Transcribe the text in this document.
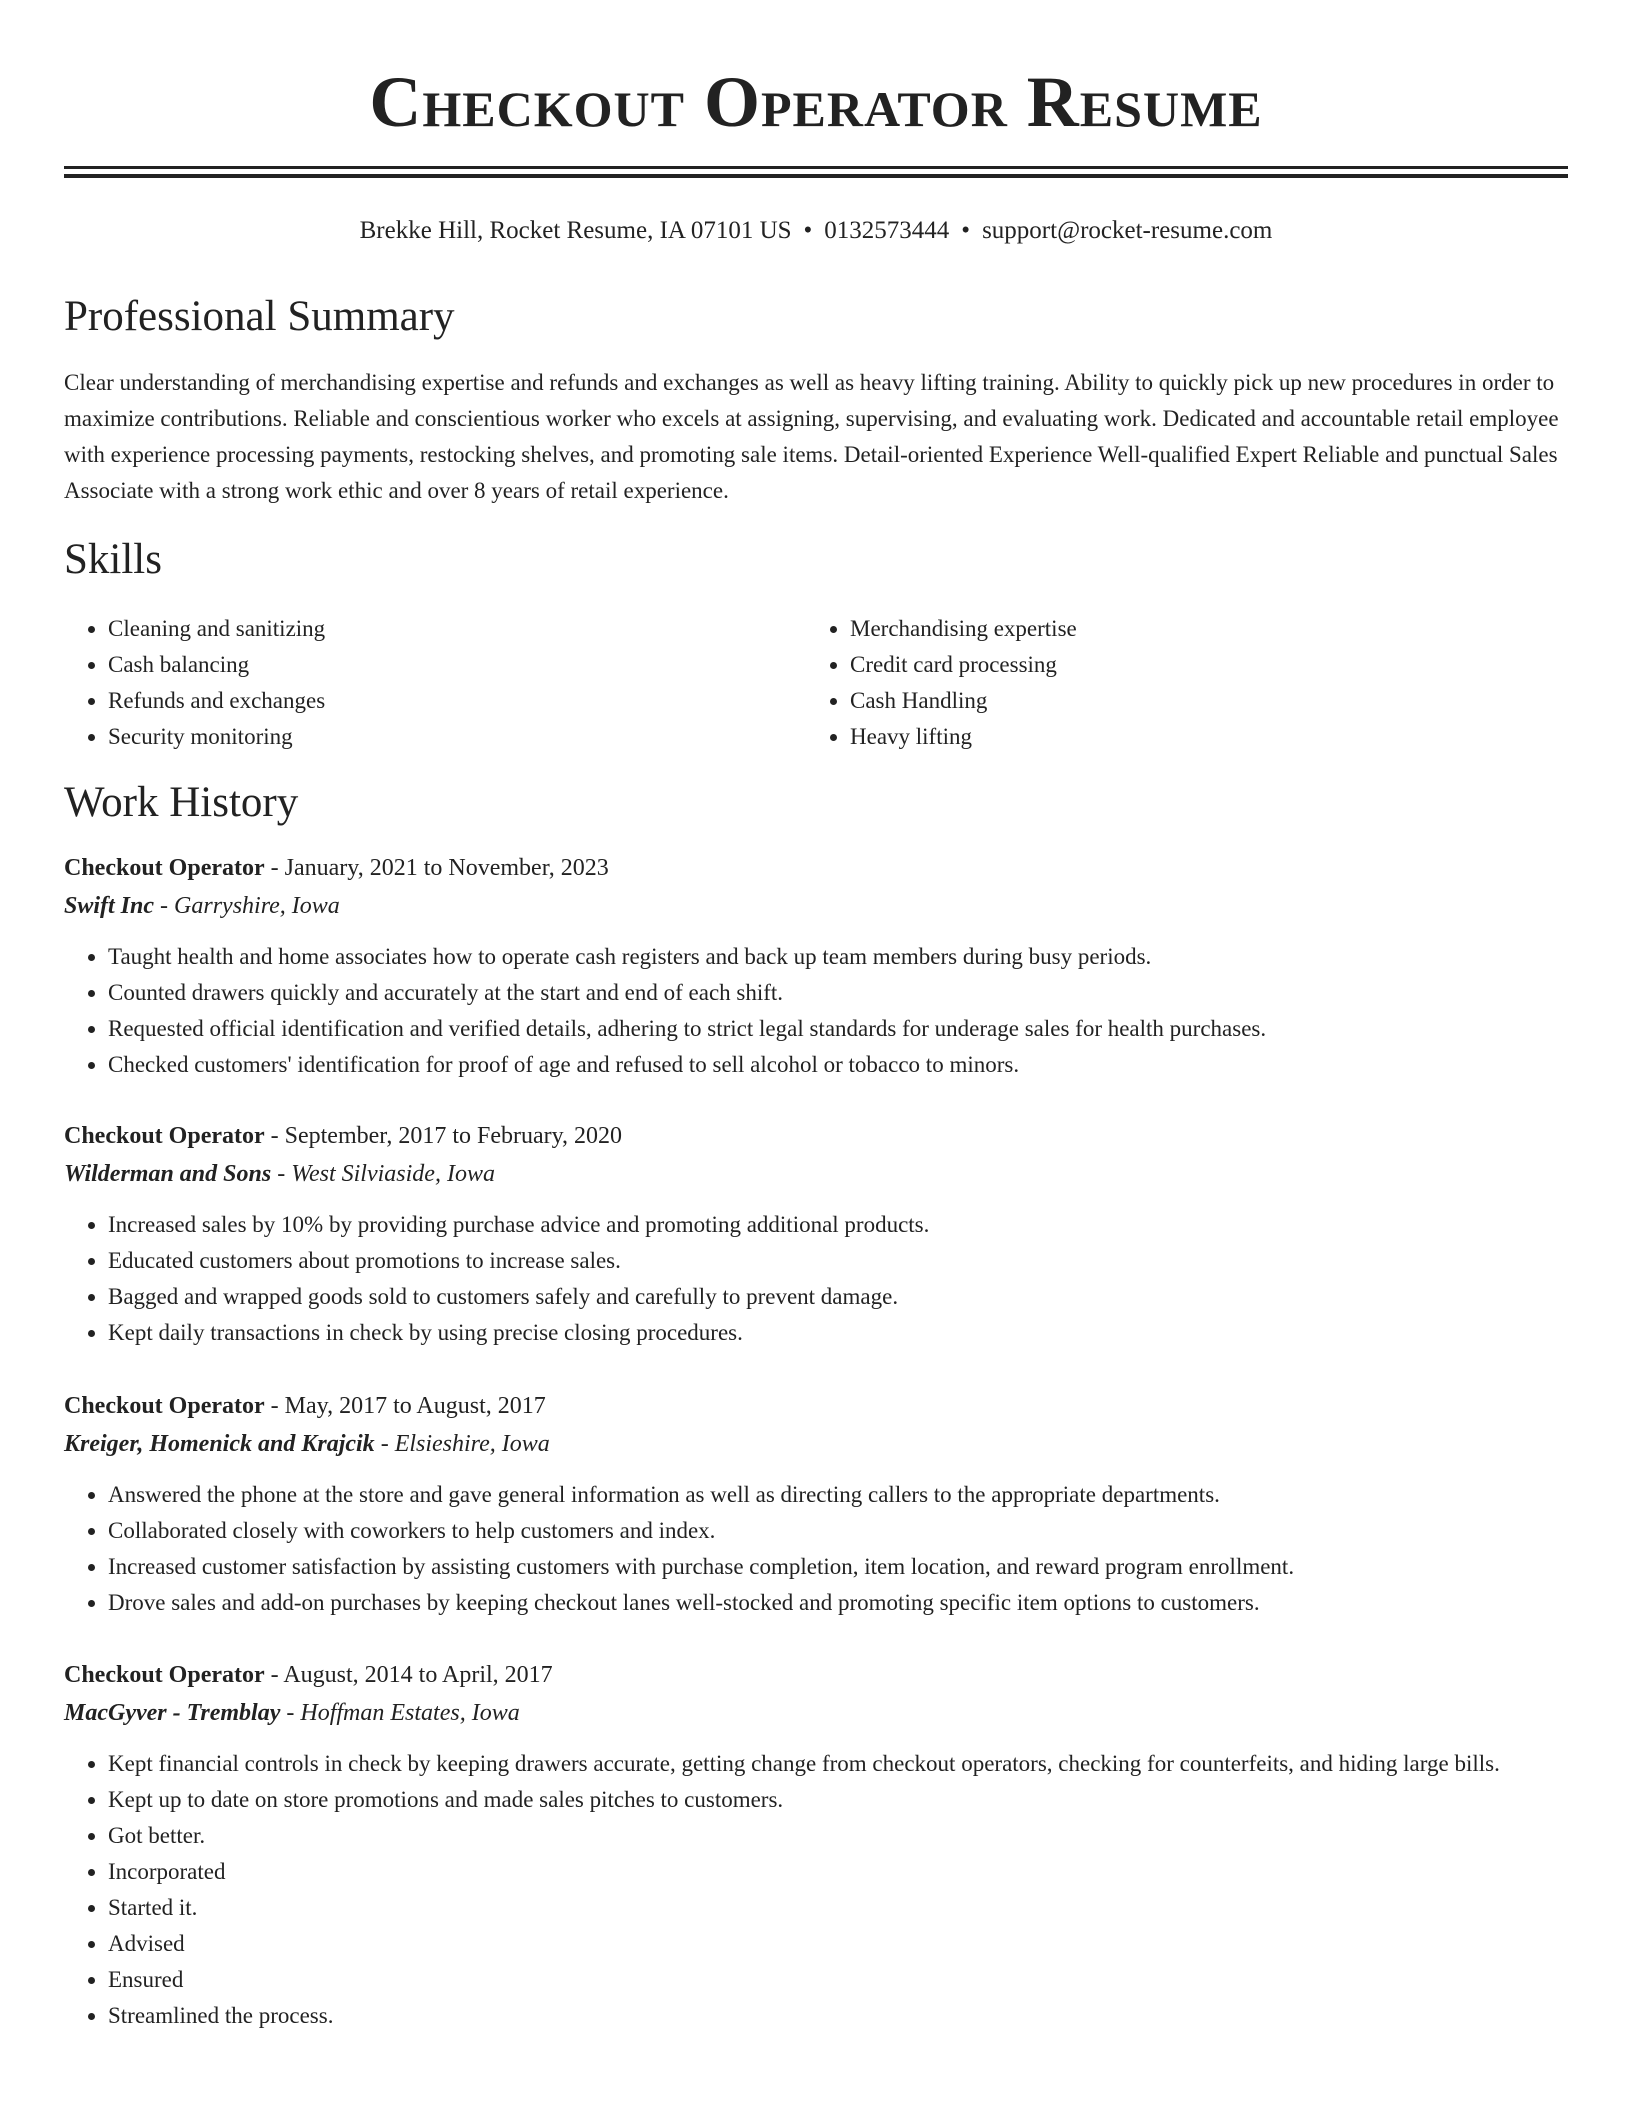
Checkout Operator Resume
Brekke Hill, Rocket Resume, IA 07101 US • 0132573444 • support@rocket-resume.com
Professional Summary

Clear understanding of merchandising expertise and refunds and exchanges as well as heavy lifting training. Ability to quickly pick up new procedures in order to maximize contributions. Reliable and conscientious worker who excels at assigning, supervising, and evaluating work. Dedicated and accountable retail employee with experience processing payments, restocking shelves, and promoting sale items. Detail-oriented Experience Well-qualified Expert Reliable and punctual Sales Associate with a strong work ethic and over 8 years of retail experience.

Skills
• Cleaning and sanitizing
• Cash balancing
• Refunds and exchanges
• Security monitoring
• Merchandising expertise
• Credit card processing
• Cash Handling
• Heavy lifting
Work History
Checkout Operator - January, 2021 to November, 2023
Swift Inc - Garryshire, Iowa
• Taught health and home associates how to operate cash registers and back up team members during busy periods.
• Counted drawers quickly and accurately at the start and end of each shift.
• Requested official identification and verified details, adhering to strict legal standards for underage sales for health purchases.
• Checked customers' identification for proof of age and refused to sell alcohol or tobacco to minors.
Checkout Operator - September, 2017 to February, 2020
Wilderman and Sons - West Silviaside, Iowa
• Increased sales by 10% by providing purchase advice and promoting additional products.
• Educated customers about promotions to increase sales.
• Bagged and wrapped goods sold to customers safely and carefully to prevent damage.
• Kept daily transactions in check by using precise closing procedures.
Checkout Operator - May, 2017 to August, 2017
Kreiger, Homenick and Krajcik - Elsieshire, Iowa
• Answered the phone at the store and gave general information as well as directing callers to the appropriate departments.
• Collaborated closely with coworkers to help customers and index.
• Increased customer satisfaction by assisting customers with purchase completion, item location, and reward program enrollment.
• Drove sales and add-on purchases by keeping checkout lanes well-stocked and promoting specific item options to customers.
Checkout Operator - August, 2014 to April, 2017
MacGyver - Tremblay - Hoffman Estates, Iowa
• Kept financial controls in check by keeping drawers accurate, getting change from checkout operators, checking for counterfeits, and hiding large bills.
• Kept up to date on store promotions and made sales pitches to customers.
• Got better.
• Incorporated
• Started it.
• Advised
• Ensured
• Streamlined the process.
